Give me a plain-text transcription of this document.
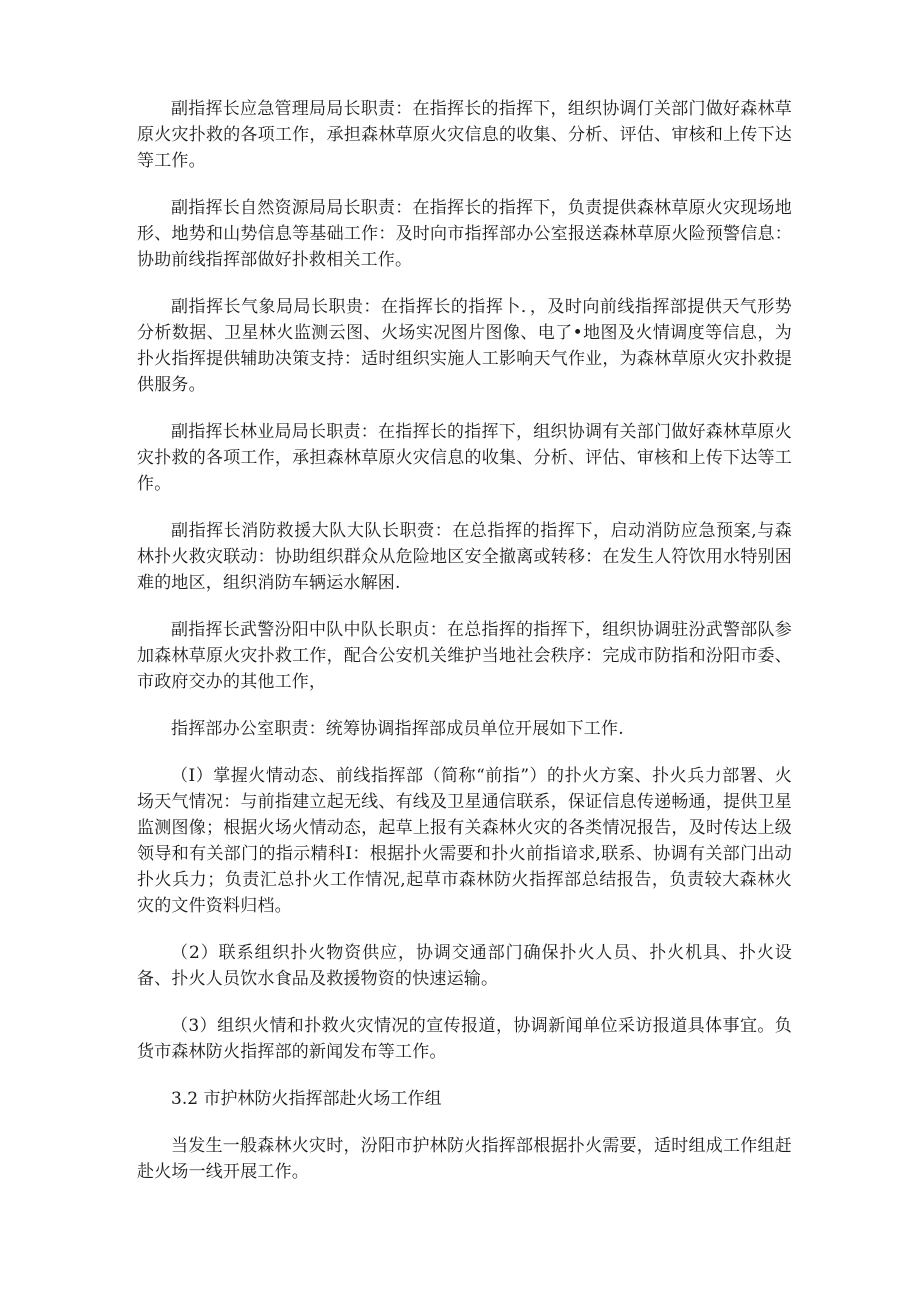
副指挥长应急管理局局长职责：在指挥长的指挥下，组织协调仃关部门做好森林草原火灾扑救的各项工作，承担森林草原火灾信息的收集、分析、评估、审核和上传下达等工作。

副指挥长自然资源局局长职责：在指挥长的指挥下，负责提供森林草原火灾现场地形、地势和山势信息等基础工作：及时向市指挥部办公室报送森林草原火险预警信息：协助前线指挥部做好扑救相关工作。

副指挥长气象局局长职贵：在指挥长的指挥卜．，及时向前线指挥部提供天气形势分析数据、卫星林火监测云图、火场实况图片图像、电了•地图及火情调度等信息，为扑火指挥提供辅助决策支持：适时组织实施人工影响天气作业，为森林草原火灾扑救提供服务。

副指挥长林业局局长职责：在指挥长的指挥下，组织协调有关部门做好森林草原火灾扑救的各项工作，承担森林草原火灾信息的收集、分析、评估、审核和上传下达等工作。

副指挥长消防救援大队大队长职赍：在总指挥的指挥下，启动消防应急预案,与森林扑火救灾联动：协助组织群众从危险地区安全撤离或转移：在发生人符饮用水特别困难的地区，组织消防车辆运水解困.

副指挥长武警汾阳中队中队长职贞：在总指挥的指挥下，组织协调驻汾武警部队参加森林草原火灾扑救工作，配合公安机关维护当地社会秩序：完成市防指和汾阳市委、市政府交办的其他工作，

指挥部办公室职责：统筹协调指挥部成员单位开展如下工作.

（I）掌握火情动态、前线指挥部（简称“前指”）的扑火方案、扑火兵力部署、火场天气情况：与前指建立起无线、有线及卫星通信联系，保证信息传递畅通，提供卫星监测图像；根据火场火情动态，起草上报有关森林火灾的各类情况报告，及时传达上级领导和有关部门的指示精科I：根据扑火需要和扑火前指谙求,联系、协调有关部门出动扑火兵力；负责汇总扑火工作情况,起草市森林防火指挥部总结报告，负责较大森林火灾的文件资料归档。

（2）联系组织扑火物资供应，协调交通部门确保扑火人员、扑火机具、扑火设备、扑火人员饮水食品及救援物资的快速运输。

（3）组织火情和扑救火灾情况的宣传报道，协调新闻单位采访报道具体事宜。负货市森林防火指挥部的新闻发布等工作。

3.2 市护林防火指挥部赴火场工作组

当发生一般森林火灾时，汾阳市护林防火指挥部根据扑火需要，适时组成工作组赶赴火场一线开展工作。
